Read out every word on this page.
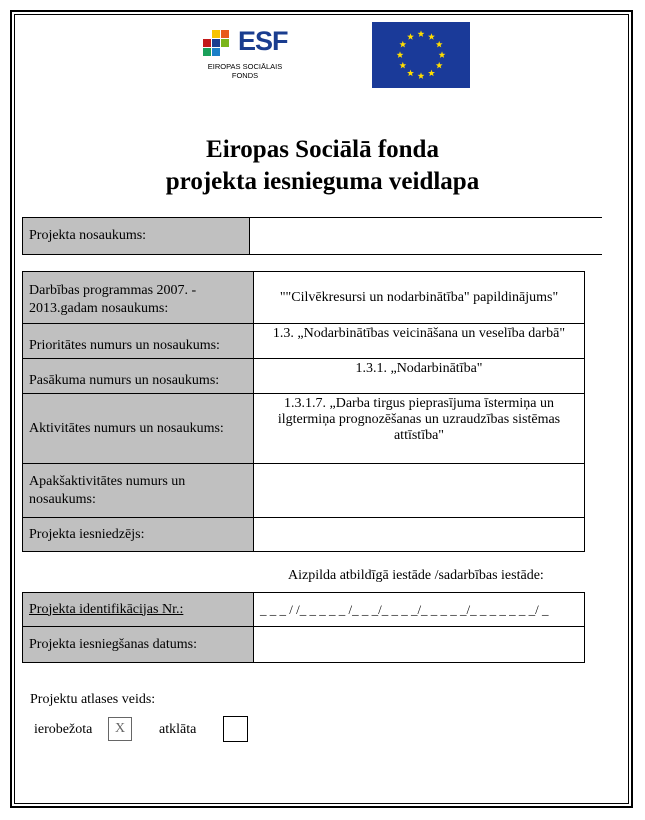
ESF
EIROPAS SOCIĀLAIS
FONDS
Eiropas Sociālā fonda
projekta iesnieguma veidlapa
Projekta nosaukums:	
Darbības programmas 2007. - 2013.gadam nosaukums:	""Cilvēkresursi un nodarbinātība" papildinājums"
Prioritātes numurs un nosaukums:	1.3. „Nodarbinātības veicināšana un veselība darbā"
Pasākuma numurs un nosaukums:	1.3.1. „Nodarbinātība"
Aktivitātes numurs un nosaukums:	1.3.1.7. „Darba tirgus pieprasījuma īstermiņa un ilgtermiņa prognozēšanas un uzraudzības sistēmas attīstība"
Apakšaktivitātes numurs un nosaukums:	
Projekta iesniedzējs:	
Aizpilda atbildīgā iestāde /sadarbības iestāde:
Projekta identifikācijas Nr.:	_ _ _ / /_ _ _ _ _ /_ _ _/_ _ _ _/_ _ _ _ _/_ _ _ _ _ _ _/ _
Projekta iesniegšanas datums:	
Projektu atlases veids:
ierobežota	X	atklāta
